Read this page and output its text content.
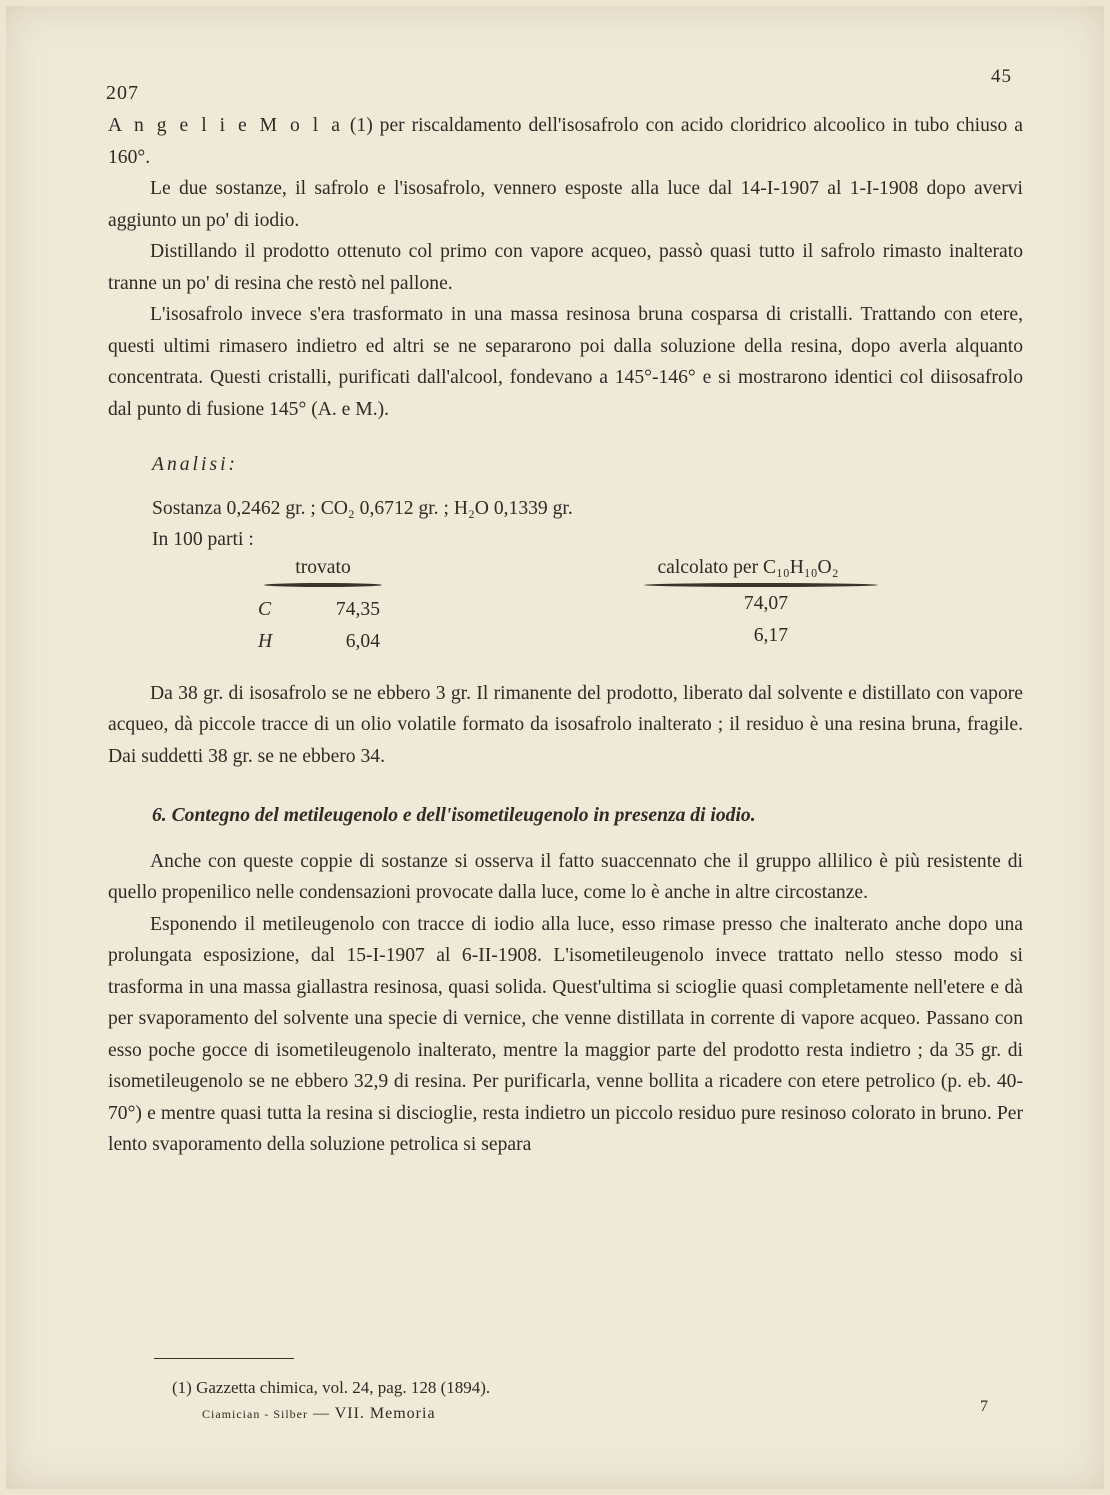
207
45

A n g e l i e M o l a (1) per riscaldamento dell'isosafrolo con acido cloridrico alcoolico in tubo chiuso a 160°.

Le due sostanze, il safrolo e l'isosafrolo, vennero esposte alla luce dal 14-I-1907 al 1-I-1908 dopo avervi aggiunto un po' di iodio.

Distillando il prodotto ottenuto col primo con vapore acqueo, passò quasi tutto il safrolo rimasto inalterato tranne un po' di resina che restò nel pallone.

L'isosafrolo invece s'era trasformato in una massa resinosa bruna cosparsa di cristalli. Trattando con etere, questi ultimi rimasero indietro ed altri se ne separarono poi dalla soluzione della resina, dopo averla alquanto concentrata. Questi cristalli, purificati dall'alcool, fondevano a 145°-146° e si mostrarono identici col diisosafrolo dal punto di fusione 145° (A. e M.).

Analisi:

Sostanza 0,2462 gr. ; CO₂ 0,6712 gr. ; H₂O 0,1339 gr.

In 100 parti :

trovato	calcolato per C₁₀H₁₀O₂
C	74,35	74,07
H	6,04	6,17

Da 38 gr. di isosafrolo se ne ebbero 3 gr. Il rimanente del prodotto, liberato dal solvente e distillato con vapore acqueo, dà piccole tracce di un olio volatile formato da isosafrolo inalterato ; il residuo è una resina bruna, fragile. Dai suddetti 38 gr. se ne ebbero 34.

6. Contegno del metileugenolo e dell'isometileugenolo in presenza di iodio.

Anche con queste coppie di sostanze si osserva il fatto suaccennato che il gruppo allilico è più resistente di quello propenilico nelle condensazioni provocate dalla luce, come lo è anche in altre circostanze.

Esponendo il metileugenolo con tracce di iodio alla luce, esso rimase presso che inalterato anche dopo una prolungata esposizione, dal 15-I-1907 al 6-II-1908. L'isometileugenolo invece trattato nello stesso modo si trasforma in una massa giallastra resinosa, quasi solida. Quest'ultima si scioglie quasi completamente nell'etere e dà per svaporamento del solvente una specie di vernice, che venne distillata in corrente di vapore acqueo. Passano con esso poche gocce di isometileugenolo inalterato, mentre la maggior parte del prodotto resta indietro ; da 35 gr. di isometileugenolo se ne ebbero 32,9 di resina. Per purificarla, venne bollita a ricadere con etere petrolico (p. eb. 40-70°) e mentre quasi tutta la resina si discioglie, resta indietro un piccolo residuo pure resinoso colorato in bruno. Per lento svaporamento della soluzione petrolica si separa

(1) Gazzetta chimica, vol. 24, pag. 128 (1894).
Ciamician - Silber — VII. Memoria	7
